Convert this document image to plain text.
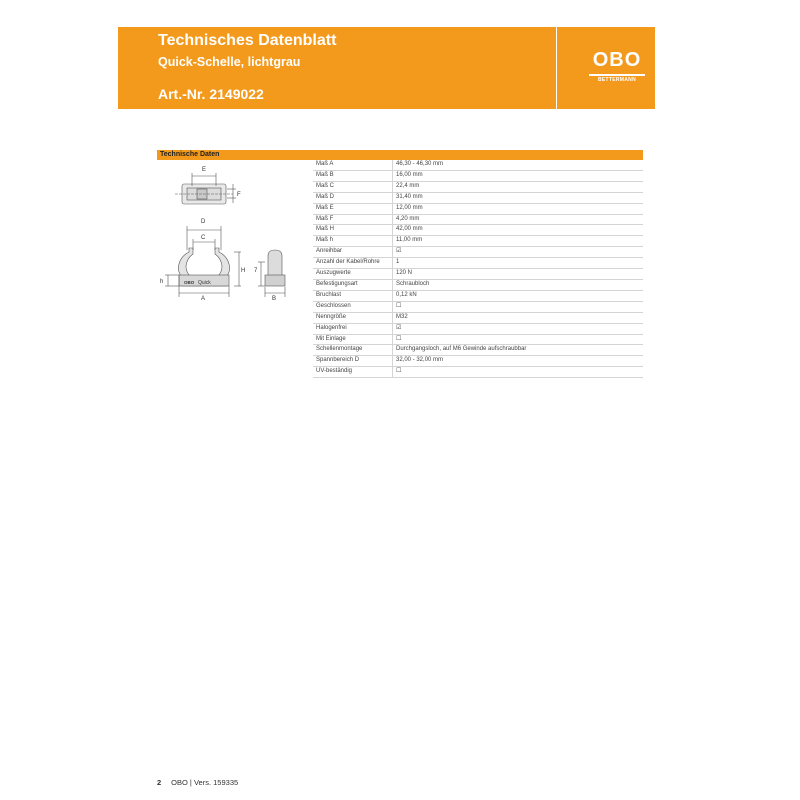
Technisches Datenblatt
Quick-Schelle, lichtgrau
Art.-Nr. 2149022
OBO
BETTERMANN
Technische Daten
E
F
D
C
H
h
A	B
7
OBO Quick
Maß A	46,30 - 46,30 mm
Maß B	16,00 mm
Maß C	22,4 mm
Maß D	31,40 mm
Maß E	12,00 mm
Maß F	4,20 mm
Maß H	42,00 mm
Maß h	11,00 mm
Anreihbar	☑
Anzahl der Kabel/Rohre	1
Auszugwerte	120 N
Befestigungsart	Schraubloch
Bruchlast	0,12 kN
Geschlossen	☐
Nenngröße	M32
Halogenfrei	☑
Mit Einlage	☐
Schellenmontage	Durchgangsloch, auf M6 Gewinde aufschraubbar
Spannbereich D	32,00 - 32,00 mm
UV-beständig	☐
2 OBO | Vers. 159335
